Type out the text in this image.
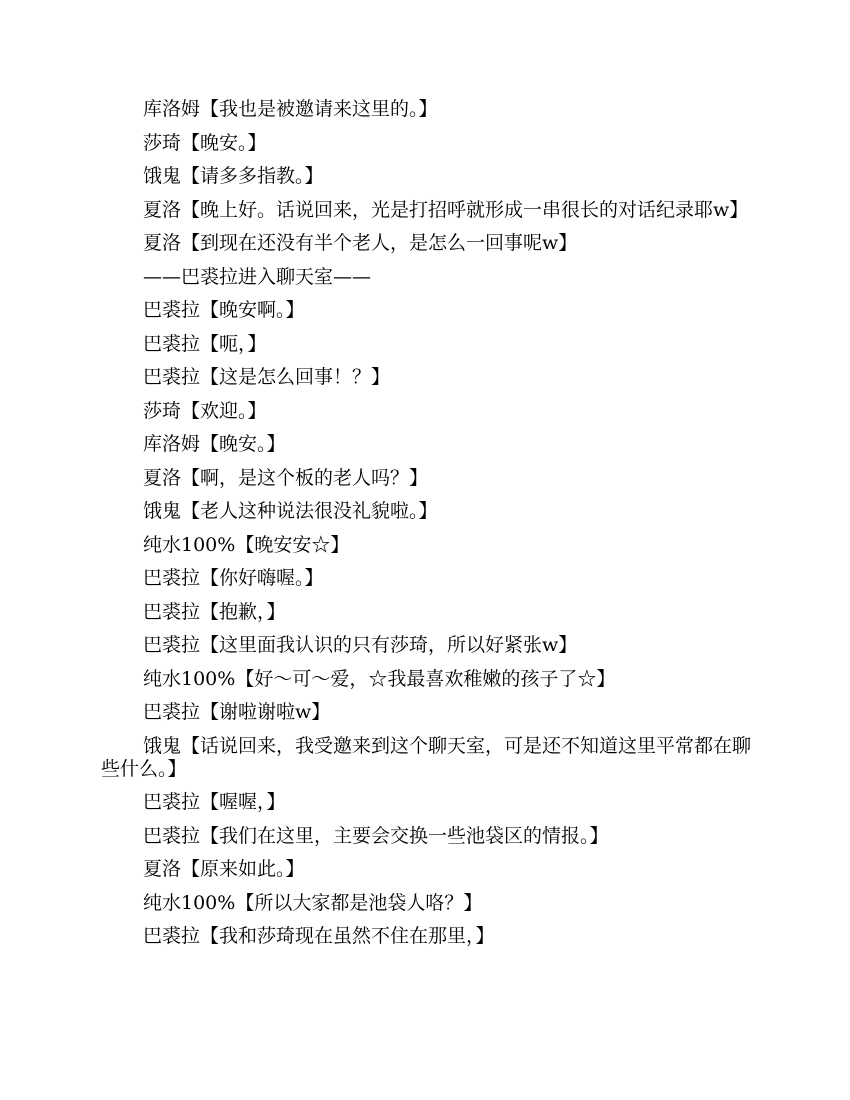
库洛姆【我也是被邀请来这里的。】

莎琦【晚安。】

饿鬼【请多多指教。】

夏洛【晚上好。话说回来，光是打招呼就形成一串很长的对话纪录耶w】

夏洛【到现在还没有半个老人，是怎么一回事呢w】

——巴裘拉进入聊天室——

巴裘拉【晚安啊。】

巴裘拉【呃，】

巴裘拉【这是怎么回事！？】

莎琦【欢迎。】

库洛姆【晚安。】

夏洛【啊，是这个板的老人吗？】

饿鬼【老人这种说法很没礼貌啦。】

纯水100%【晚安安☆】

巴裘拉【你好嗨喔。】

巴裘拉【抱歉，】

巴裘拉【这里面我认识的只有莎琦，所以好紧张w】

纯水100%【好～可～爱，☆我最喜欢稚嫩的孩子了☆】

巴裘拉【谢啦谢啦w】

饿鬼【话说回来，我受邀来到这个聊天室，可是还不知道这里平常都在聊些什么。】

巴裘拉【喔喔，】

巴裘拉【我们在这里，主要会交换一些池袋区的情报。】

夏洛【原来如此。】

纯水100%【所以大家都是池袋人咯？】

巴裘拉【我和莎琦现在虽然不住在那里，】
